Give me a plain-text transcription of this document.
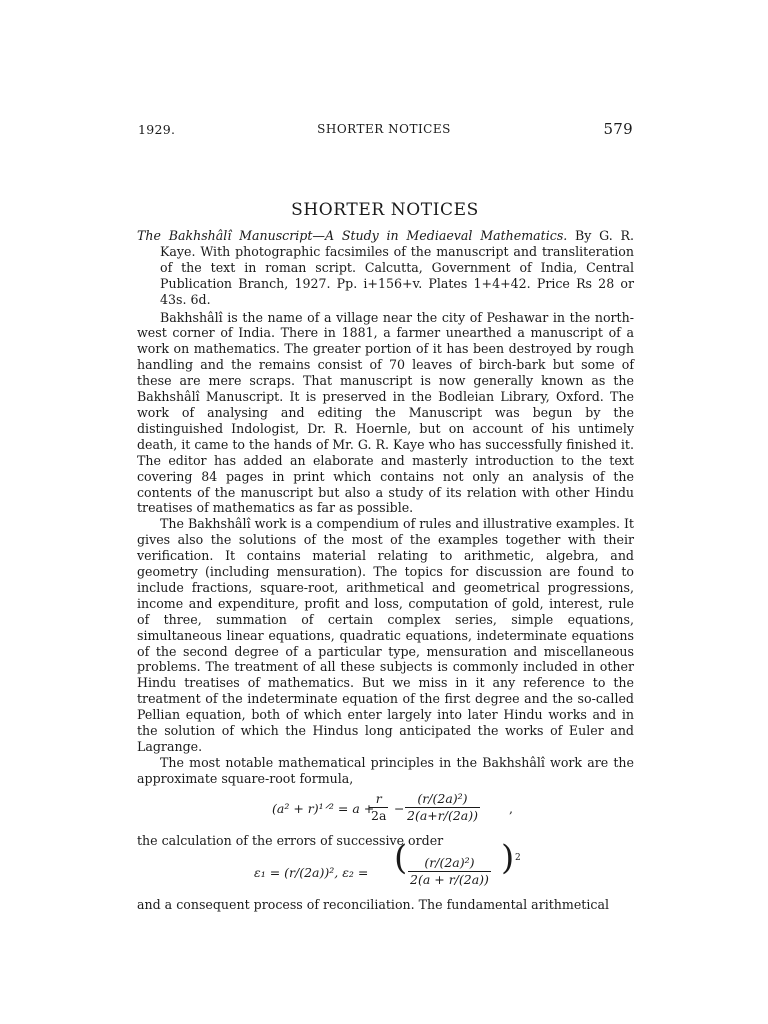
1929.	SHORTER NOTICES	579
SHORTER NOTICES

The Bakhshâlî Manuscript—A Study in Mediaeval Mathematics. By G. R. Kaye. With photographic facsimiles of the manuscript and transliteration of the text in roman script. Calcutta, Government of India, Central Publication Branch, 1927. Pp. i+156+v. Plates 1+4+42. Price Rs 28 or 43s. 6d.

Bakhshâlî is the name of a village near the city of Peshawar in the north-west corner of India. There in 1881, a farmer unearthed a manuscript of a work on mathematics. The greater portion of it has been destroyed by rough handling and the remains consist of 70 leaves of birch-bark but some of these are mere scraps. That manuscript is now generally known as the Bakhshâlî Manuscript. It is preserved in the Bodleian Library, Oxford. The work of analysing and editing the Manuscript was begun by the distinguished Indologist, Dr. R. Hoernle, but on account of his untimely death, it came to the hands of Mr. G. R. Kaye who has successfully finished it. The editor has added an elaborate and masterly introduction to the text covering 84 pages in print which contains not only an analysis of the contents of the manuscript but also a study of its relation with other Hindu treatises of mathematics as far as possible.

The Bakhshâlî work is a compendium of rules and illustrative examples. It gives also the solutions of the most of the examples together with their verification. It contains material relating to arithmetic, algebra, and geometry (including mensuration). The topics for discussion are found to include fractions, square-root, arithmetical and geometrical progressions, income and expenditure, profit and loss, computation of gold, interest, rule of three, summation of certain complex series, simple equations, simultaneous linear equations, quadratic equations, indeterminate equations of the second degree of a particular type, mensuration and miscellaneous problems. The treatment of all these subjects is commonly included in other Hindu treatises of mathematics. But we miss in it any reference to the treatment of the indeterminate equation of the first degree and the so-called Pellian equation, both of which enter largely into later Hindu works and in the solution of which the Hindus long anticipated the works of Euler and Lagrange.

The most notable mathematical principles in the Bakhshâlî work are the approximate square-root formula,

(a² + r)¹ᐟ² = a +
$\frac{r}{2a} - \frac{\text{(r/(2a)²)}}{2(a+r/(2a))}$ ,

the calculation of the errors of successive order

ε₁ = (r/(2a))², ε₂ = ( $\frac{\text{(r/(2a)²)}}{2(a + r/(2a))}$ ) 2

and a consequent process of reconciliation. The fundamental arithmetical
